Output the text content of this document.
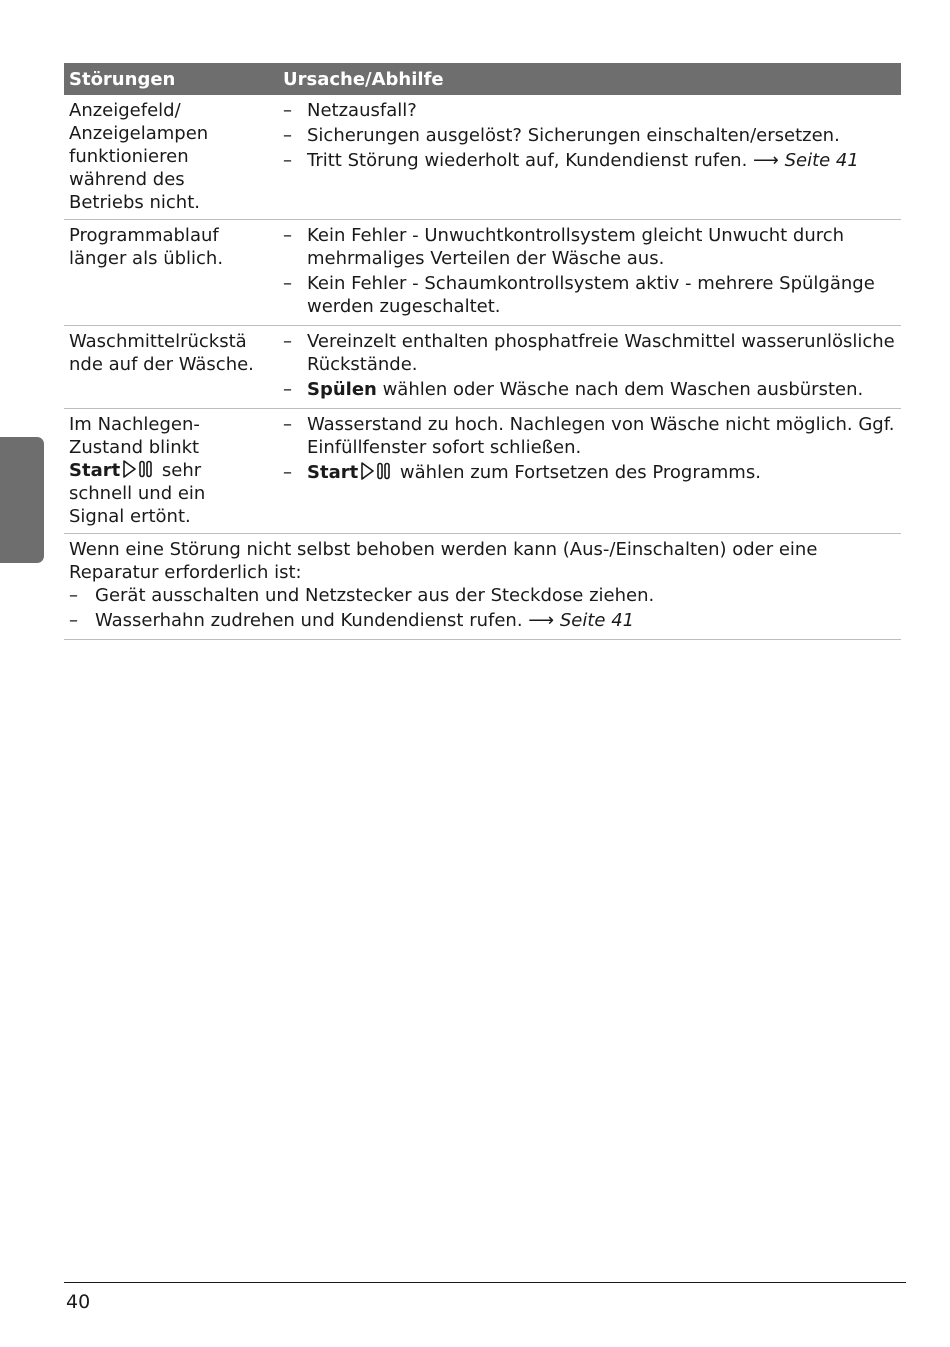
Störungen	Ursache/Abhilfe
Anzeigefeld/
Anzeigelampen
funktionieren
während des
Betriebs nicht.
– Netzausfall?
– Sicherungen ausgelöst? Sicherungen einschalten/ersetzen.
– Tritt Störung wiederholt auf, Kundendienst rufen. ⟶ Seite 41
Programmablauf
länger als üblich.
– Kein Fehler - Unwuchtkontrollsystem gleicht Unwucht durch mehrmaliges Verteilen der Wäsche aus.
– Kein Fehler - Schaumkontrollsystem aktiv - mehrere Spülgänge werden zugeschaltet.
Waschmittelrückstä
nde auf der Wäsche.
– Vereinzelt enthalten phosphatfreie Waschmittel wasserunlösliche Rückstände.
– Spülen wählen oder Wäsche nach dem Waschen ausbürsten.
Im Nachlegen-
Zustand blinkt
Start sehr
schnell und ein
Signal ertönt.
– Wasserstand zu hoch. Nachlegen von Wäsche nicht möglich. Ggf. Einfüllfenster sofort schließen.
– Start wählen zum Fortsetzen des Programms.
Wenn eine Störung nicht selbst behoben werden kann (Aus-/Einschalten) oder eine Reparatur erforderlich ist:
– Gerät ausschalten und Netzstecker aus der Steckdose ziehen.
– Wasserhahn zudrehen und Kundendienst rufen. ⟶ Seite 41
40
